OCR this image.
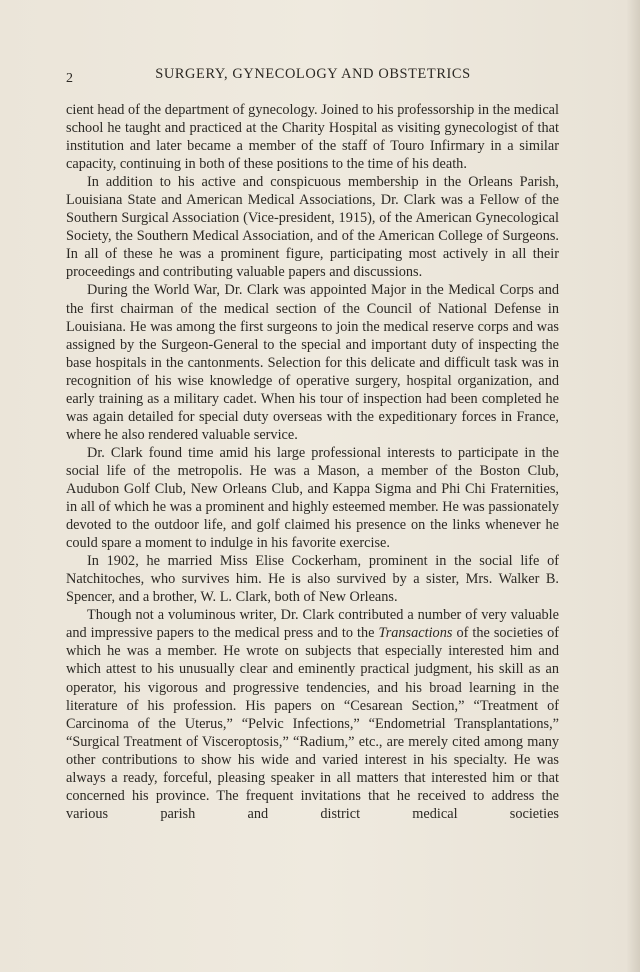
2	SURGERY, GYNECOLOGY AND OBSTETRICS

cient head of the department of gynecology. Joined to his professorship in the medical school he taught and practiced at the Charity Hospital as visiting gynecologist of that institution and later became a member of the staff of Touro Infirmary in a similar capacity, continuing in both of these positions to the time of his death.

In addition to his active and conspicuous membership in the Orleans Parish, Louisiana State and American Medical Associations, Dr. Clark was a Fellow of the Southern Surgical Association (Vice-president, 1915), of the American Gynecological Society, the Southern Medical Association, and of the American College of Surgeons. In all of these he was a prominent figure, participating most actively in all their proceedings and contributing valuable papers and discussions.

During the World War, Dr. Clark was appointed Major in the Medical Corps and the first chairman of the medical section of the Council of National Defense in Louisiana. He was among the first surgeons to join the medical reserve corps and was assigned by the Surgeon-General to the special and important duty of inspecting the base hospitals in the cantonments. Selection for this delicate and difficult task was in recognition of his wise knowledge of operative surgery, hospital organization, and early training as a military cadet. When his tour of inspection had been completed he was again detailed for special duty overseas with the expeditionary forces in France, where he also rendered valuable service.

Dr. Clark found time amid his large professional interests to participate in the social life of the metropolis. He was a Mason, a member of the Boston Club, Audubon Golf Club, New Orleans Club, and Kappa Sigma and Phi Chi Fraternities, in all of which he was a prominent and highly esteemed member. He was passionately devoted to the outdoor life, and golf claimed his presence on the links whenever he could spare a moment to indulge in his favorite exercise.

In 1902, he married Miss Elise Cockerham, prominent in the social life of Natchitoches, who survives him. He is also survived by a sister, Mrs. Walker B. Spencer, and a brother, W. L. Clark, both of New Orleans.

Though not a voluminous writer, Dr. Clark contributed a number of very valuable and impressive papers to the medical press and to the Transactions of the societies of which he was a member. He wrote on subjects that especially interested him and which attest to his unusually clear and eminently practical judgment, his skill as an operator, his vigorous and progressive tendencies, and his broad learning in the literature of his profession. His papers on “Cesarean Section,” “Treatment of Carcinoma of the Uterus,” “Pelvic Infections,” “Endometrial Transplantations,” “Surgical Treatment of Visceroptosis,” “Radium,” etc., are merely cited among many other contributions to show his wide and varied interest in his specialty. He was always a ready, forceful, pleasing speaker in all matters that interested him or that concerned his province. The frequent invitations that he received to address the various parish and district medical societies
